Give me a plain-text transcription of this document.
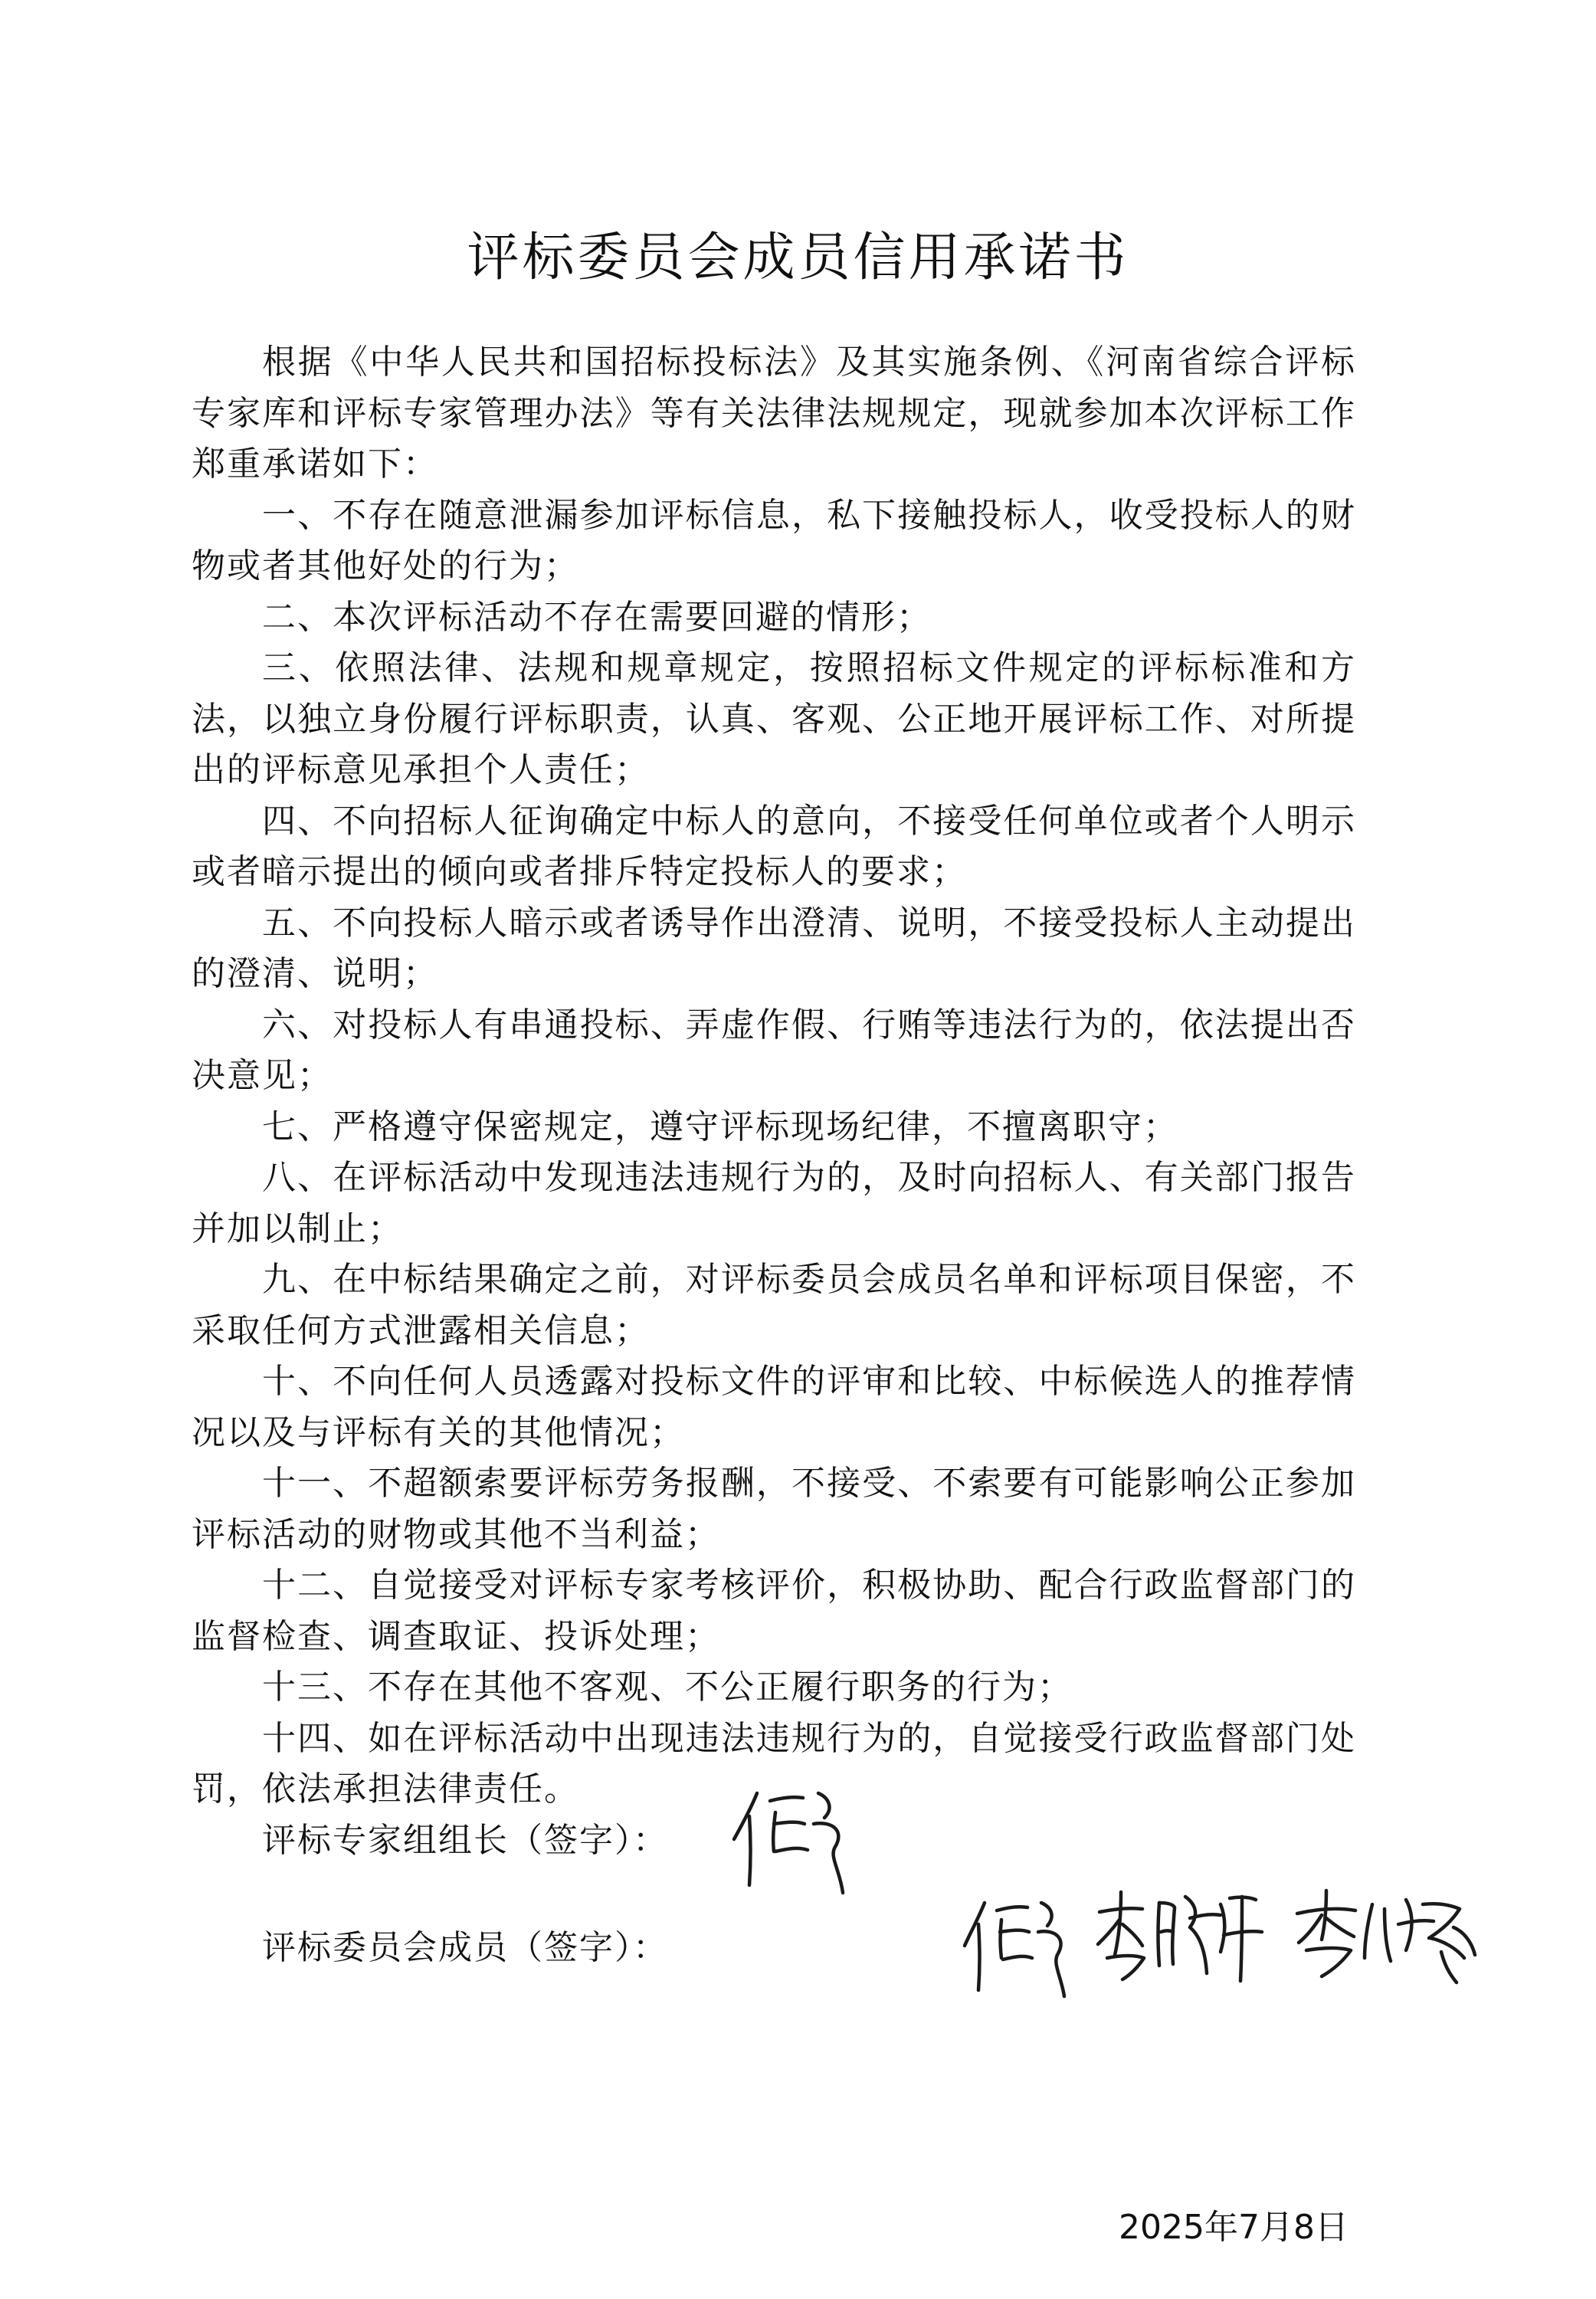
评标委员会成员信用承诺书

根据《中华人民共和国招标投标法》及其实施条例、《河南省综合评标专家库和评标专家管理办法》等有关法律法规规定，现就参加本次评标工作郑重承诺如下：

一、不存在随意泄漏参加评标信息，私下接触投标人，收受投标人的财物或者其他好处的行为；

二、本次评标活动不存在需要回避的情形；

三、依照法律、法规和规章规定，按照招标文件规定的评标标准和方法，以独立身份履行评标职责，认真、客观、公正地开展评标工作、对所提出的评标意见承担个人责任；

四、不向招标人征询确定中标人的意向，不接受任何单位或者个人明示或者暗示提出的倾向或者排斥特定投标人的要求；

五、不向投标人暗示或者诱导作出澄清、说明，不接受投标人主动提出的澄清、说明；

六、对投标人有串通投标、弄虚作假、行贿等违法行为的，依法提出否决意见；

七、严格遵守保密规定，遵守评标现场纪律，不擅离职守；

八、在评标活动中发现违法违规行为的，及时向招标人、有关部门报告并加以制止；

九、在中标结果确定之前，对评标委员会成员名单和评标项目保密，不采取任何方式泄露相关信息；

十、不向任何人员透露对投标文件的评审和比较、中标候选人的推荐情况以及与评标有关的其他情况；

十一、不超额索要评标劳务报酬，不接受、不索要有可能影响公正参加评标活动的财物或其他不当利益；

十二、自觉接受对评标专家考核评价，积极协助、配合行政监督部门的监督检查、调查取证、投诉处理；

十三、不存在其他不客观、不公正履行职务的行为；

十四、如在评标活动中出现违法违规行为的，自觉接受行政监督部门处罚，依法承担法律责任。

评标专家组组长（签字）：
评标委员会成员（签字）：
2025年7月8日
